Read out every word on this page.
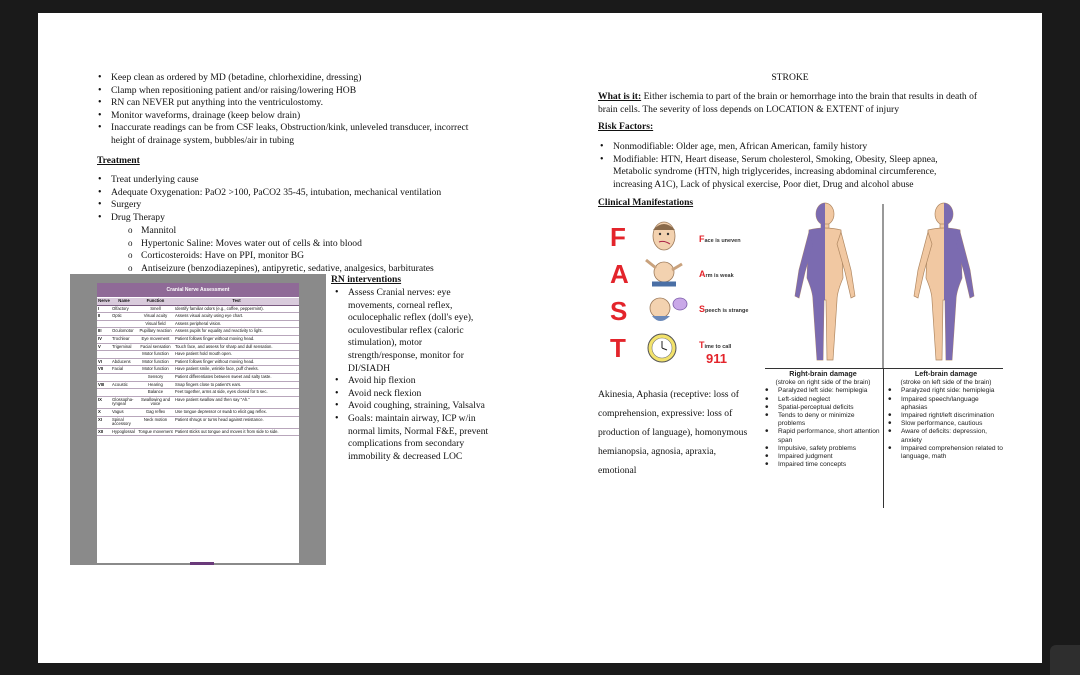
• Keep clean as ordered by MD (betadine, chlorhexidine, dressing)
• Clamp when repositioning patient and/or raising/lowering HOB
• RN can NEVER put anything into the ventriculostomy.
• Monitor waveforms, drainage (keep below drain)
• Inaccurate readings can be from CSF leaks, Obstruction/kink, unleveled transducer, incorrect height of drainage system, bubbles/air in tubing
Treatment
• Treat underlying cause
• Adequate Oxygenation: PaO2 >100, PaCO2 35-45, intubation, mechanical ventilation
• Surgery
• Drug Therapy
o Mannitol
o Hypertonic Saline: Moves water out of cells & into blood
o Corticosteroids: Have on PPI, monitor BG
o Antiseizure (benzodiazepines), antipyretic, sedative, analgesics, barbiturates
Cranial Nerve Assessment
Nerve	Name	Function	Test
I	Olfactory	Smell	Identify familiar odors (e.g., coffee, peppermint).
II	Optic	Visual acuity	Assess visual acuity using eye chart.
		Visual field	Assess peripheral vision.
III	Oculomotor	Pupillary reaction	Assess pupils for equality and reactivity to light.
IV	Trochlear	Eye movement	Patient follows finger without moving head.
V	Trigeminal	Facial sensation	Touch face, and assess for sharp and dull sensation.
		Motor function	Have patient hold mouth open.
VI	Abducens	Motor function	Patient follows finger without moving head.
VII	Facial	Motor function	Have patient smile, wrinkle face, puff cheeks.
		Sensory	Patient differentiates between sweet and salty taste.
VIII	Acoustic	Hearing	Snap fingers close to patient's ears.
		Balance	Feet together, arms at side, eyes closed for 5 sec.
IX	Glossopha-ryngeal	Swallowing and voice	Have patient swallow and then say "Ah."
X	Vagus	Gag reflex	Use tongue depressor or swab to elicit gag reflex.
XI	Spinal accessory	Neck motion	Patient shrugs or turns head against resistance.
XII	Hypoglossal	Tongue movement	Patient sticks out tongue and moves it from side to side.
RN interventions
• Assess Cranial nerves: eye movements, corneal reflex, oculocephalic reflex (doll's eye), oculovestibular reflex (caloric stimulation), motor strength/response, monitor for DI/SIADH
• Avoid hip flexion
• Avoid neck flexion
• Avoid coughing, straining, Valsalva
• Goals: maintain airway, ICP w/in normal limits, Normal F&E, prevent complications from secondary immobility & decreased LOC
STROKE
What is it: Either ischemia to part of the brain or hemorrhage into the brain that results in death of brain cells. The severity of loss depends on LOCATION & EXTENT of injury
Risk Factors:
• Nonmodifiable: Older age, men, African American, family history
• Modifiable: HTN, Heart disease, Serum cholesterol, Smoking, Obesity, Sleep apnea, Metabolic syndrome (HTN, high triglycerides, increasing abdominal circumference, increasing A1C), Lack of physical exercise, Poor diet, Drug and alcohol abuse
Clinical Manifestations
F
A
S
T
Face is uneven
Arm is weak
Speech is strange
Time to call
911
Akinesia, Aphasia (receptive: loss of comprehension, expressive: loss of production of language), homonymous hemianopsia, agnosia, apraxia, emotional
Right-brain damage
(stroke on right side of the brain)
• Paralyzed left side: hemiplegia
• Left-sided neglect
• Spatial-perceptual deficits
• Tends to deny or minimize problems
• Rapid performance, short attention span
• Impulsive, safety problems
• Impaired judgment
• Impaired time concepts
Left-brain damage
(stroke on left side of the brain)
• Paralyzed right side: hemiplegia
• Impaired speech/language aphasias
• Impaired right/left discrimination
• Slow performance, cautious
• Aware of deficits: depression, anxiety
• Impaired comprehension related to language, math
